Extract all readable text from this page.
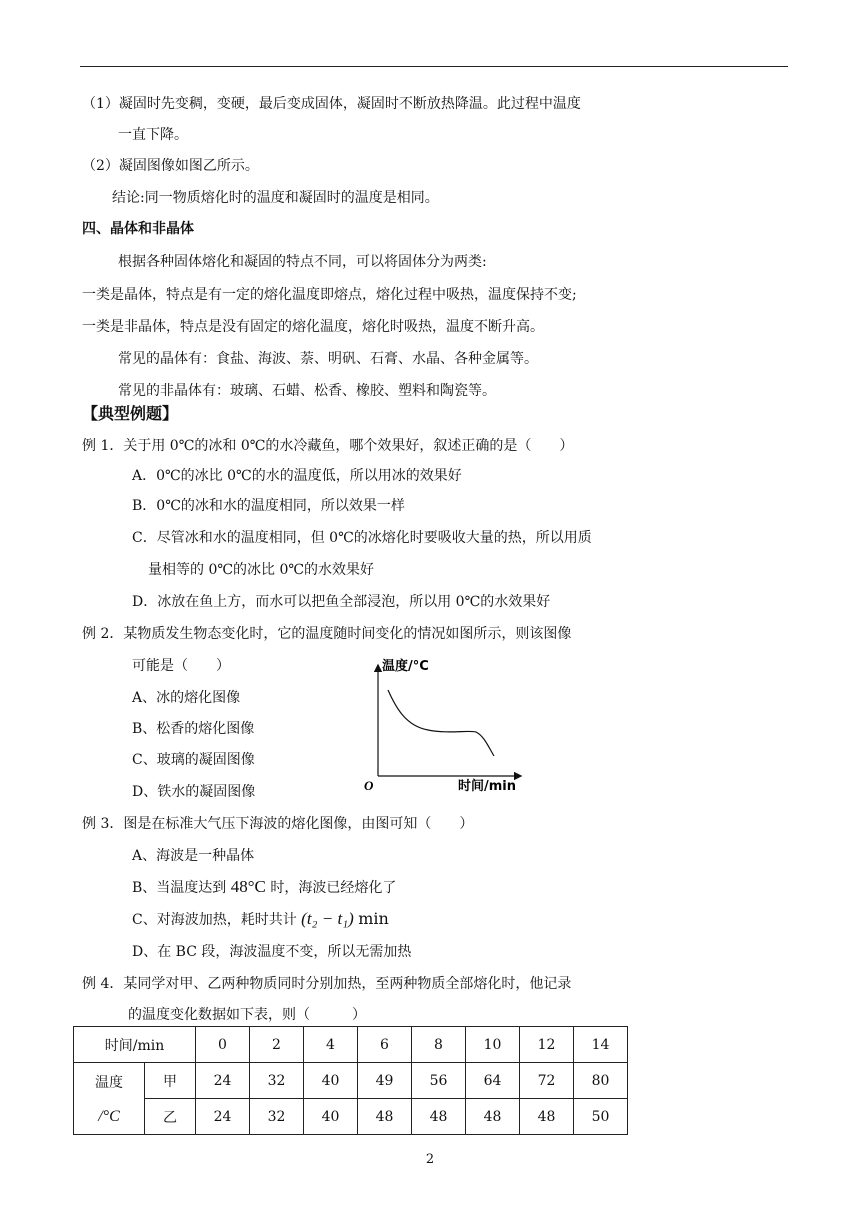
（1）凝固时先变稠，变硬，最后变成固体，凝固时不断放热降温。此过程中温度
一直下降。
（2）凝固图像如图乙所示。
结论:同一物质熔化时的温度和凝固时的温度是相同。
四、晶体和非晶体
根据各种固体熔化和凝固的特点不同，可以将固体分为两类:
一类是晶体，特点是有一定的熔化温度即熔点，熔化过程中吸热，温度保持不变;
一类是非晶体，特点是没有固定的熔化温度，熔化时吸热，温度不断升高。
常见的晶体有：食盐、海波、萘、明矾、石膏、水晶、各种金属等。
常见的非晶体有：玻璃、石蜡、松香、橡胶、塑料和陶瓷等。
【典型例题】
例 1．关于用 0℃的冰和 0℃的水冷藏鱼，哪个效果好，叙述正确的是（　　）
A．0℃的冰比 0℃的水的温度低，所以用冰的效果好
B．0℃的冰和水的温度相同，所以效果一样
C．尽管冰和水的温度相同，但 0℃的冰熔化时要吸收大量的热，所以用质
量相等的 0℃的冰比 0℃的水效果好
D．冰放在鱼上方，而水可以把鱼全部浸泡，所以用 0℃的水效果好
例 2．某物质发生物态变化时，它的温度随时间变化的情况如图所示，则该图像
可能是（　　）
A、冰的熔化图像
B、松香的熔化图像
C、玻璃的凝固图像
D、铁水的凝固图像
温度/°C
时间/min
O
例 3．图是在标准大气压下海波的熔化图像，由图可知（　　）
A、海波是一种晶体
B、当温度达到 48°C 时，海波已经熔化了
C、对海波加热，耗时共计 (t₂ − t₁) min
D、在 BC 段，海波温度不变，所以无需加热
例 4．某同学对甲、乙两种物质同时分别加热，至两种物质全部熔化时，他记录
的温度变化数据如下表，则（　　　）
时间/min		0	2	4	6	8	10	12	14

温度
/°C	甲	24	32	40	49	56	64	72	80
	乙	24	32	40	48	48	48	48	50
2
